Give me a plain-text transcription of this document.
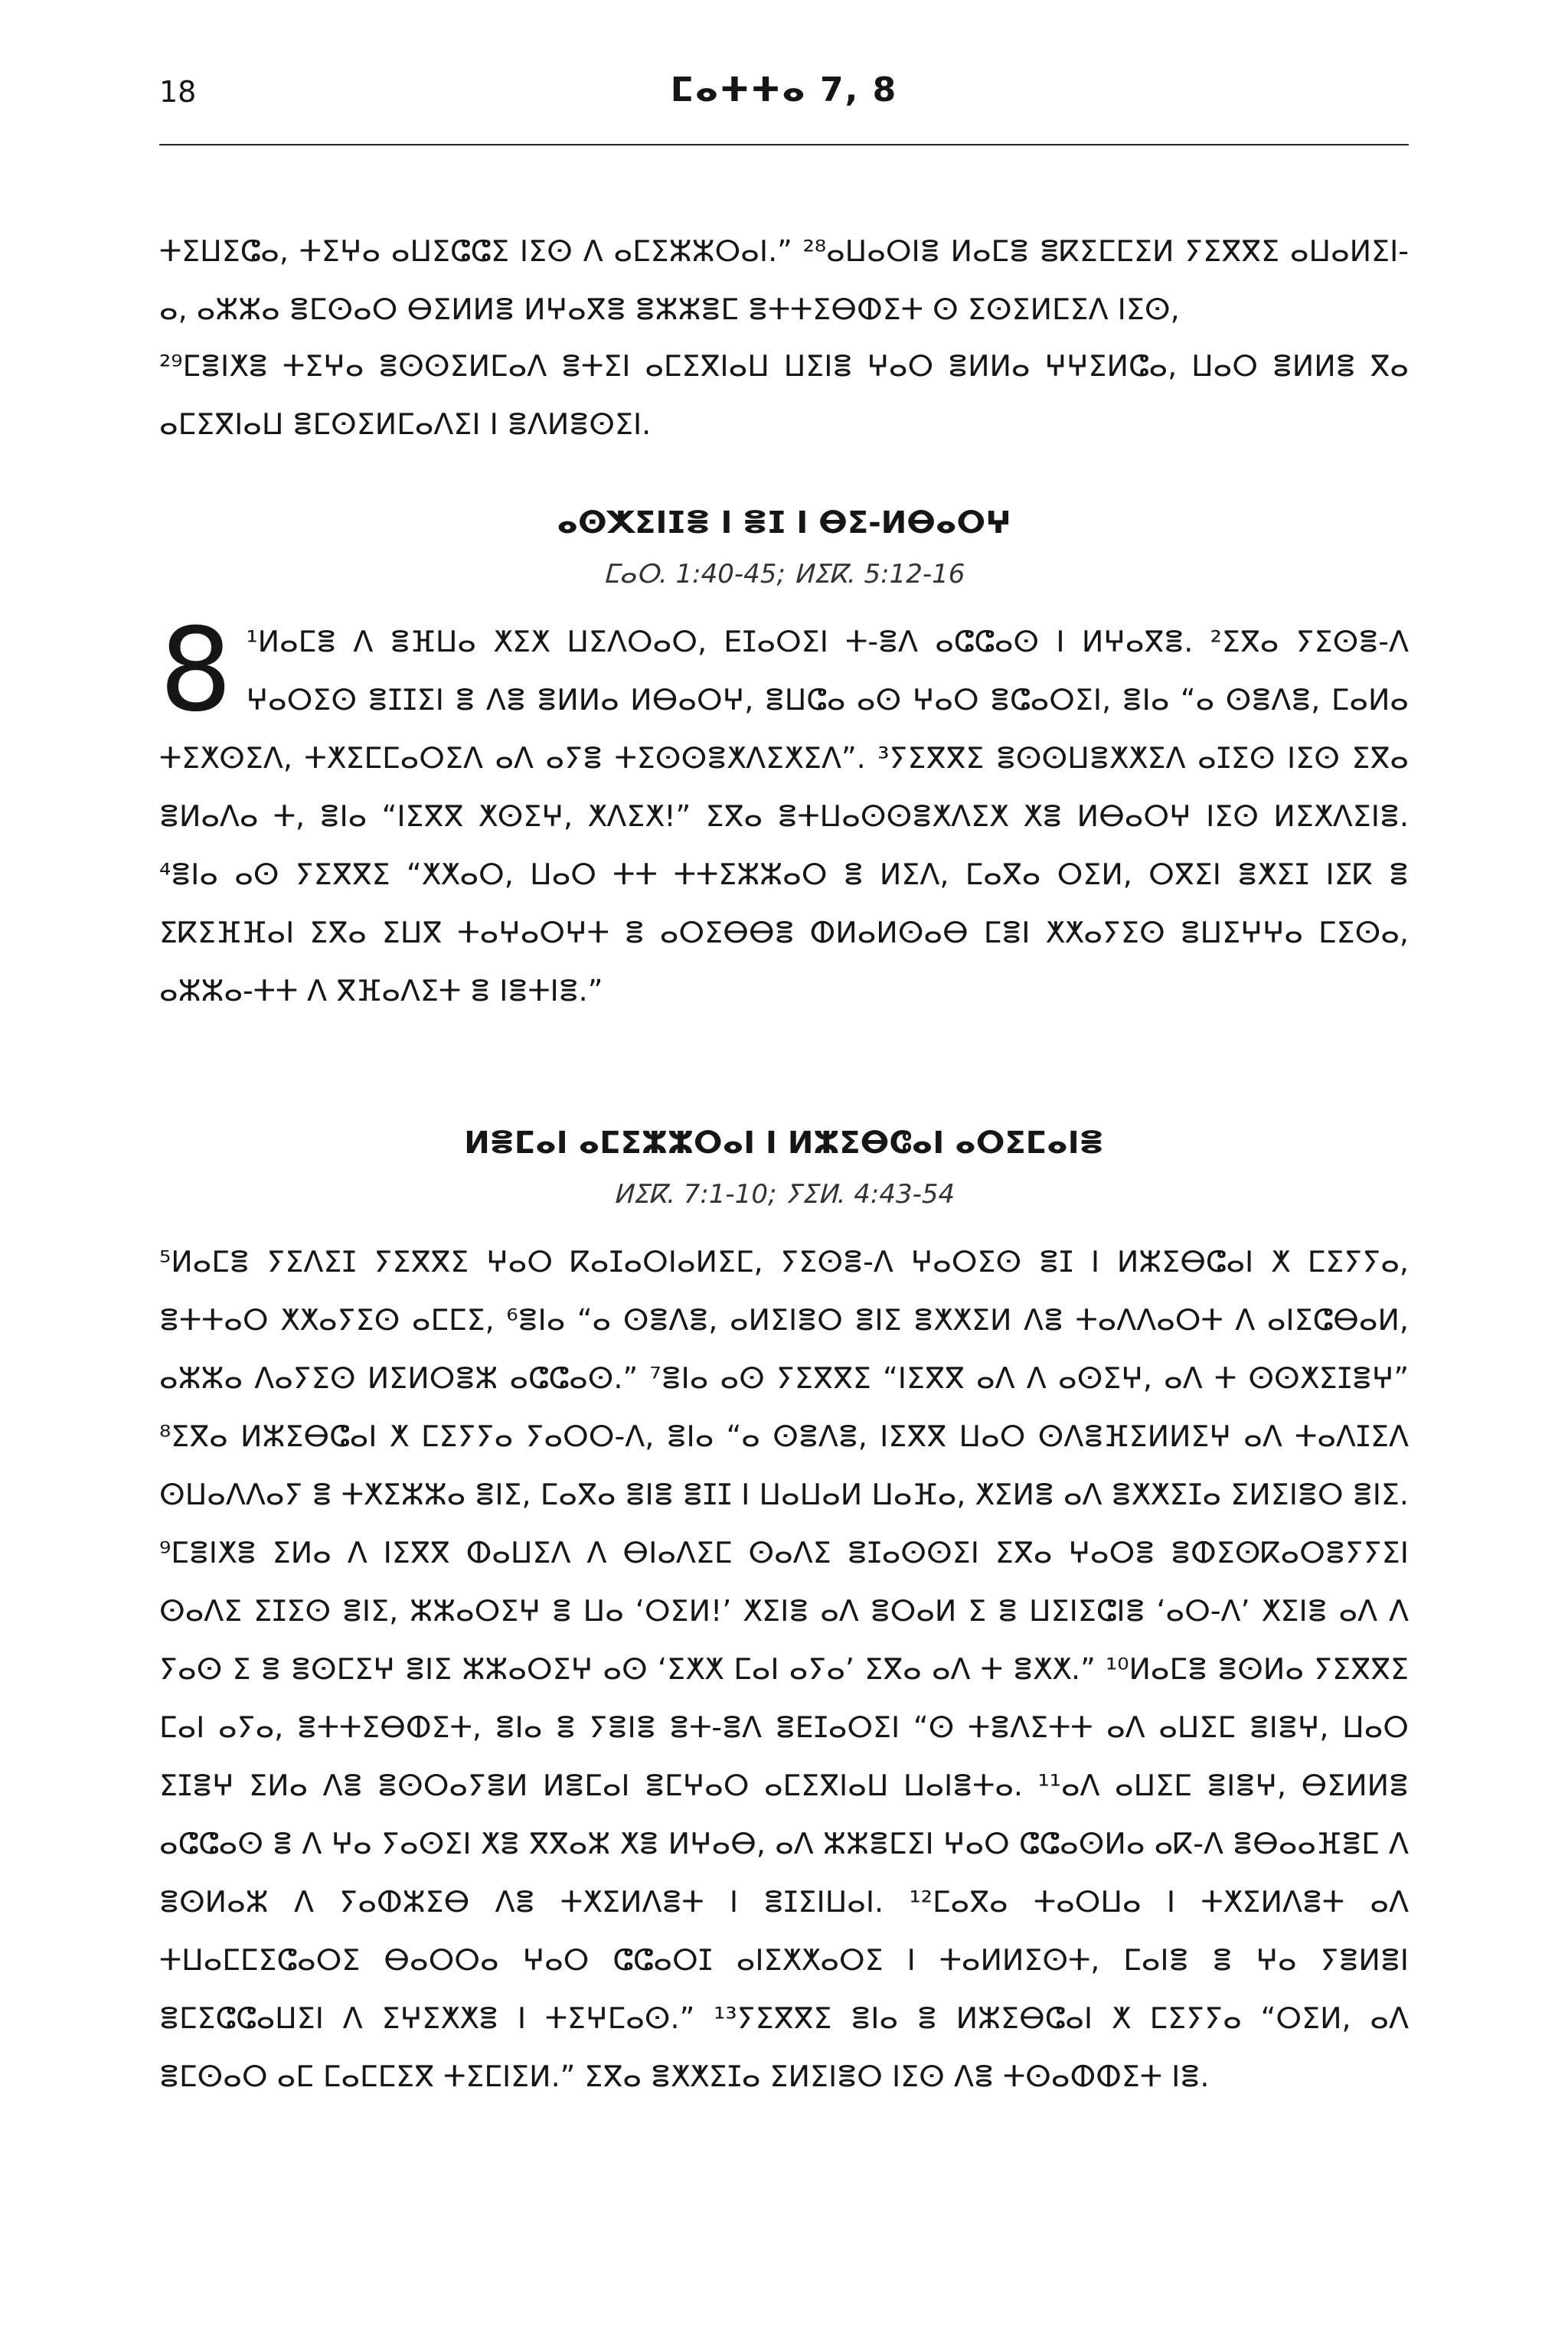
18	ⵎⴰⵜⵜⴰ 7, 8
ⵜⵉⵡⵉⵛⴰ, ⵜⵉⵖⴰ ⴰⵡⵉⵛⵛⵉ ⵏⵉⵙ ⴷ ⴰⵎⵉⵣⵣⵔⴰⵏ.” ²⁸ⴰⵡⴰⵔⵏⴻ ⵍⴰⵎⴻ ⴻⴽⵉⵎⵎⵉⵍ ⵢⵉⴳⴳⵉ ⴰⵡⴰⵍⵉⵏ-ⴰ, ⴰⵣⵣⴰ ⴻⵎⵙⴰⵔ ⴱⵉⵍⵍⴻ ⵍⵖⴰⴳⴻ ⴻⵣⵣⴻⵎ ⴻⵜⵜⵉⴱⵀⵉⵜ ⵙ ⵉⵙⵉⵍⵎⵉⴷ ⵏⵉⵙ,
²⁹ⵎⴻⵏⵅⴻ ⵜⵉⵖⴰ ⴻⵙⵙⵉⵍⵎⴰⴷ ⴻⵜⵉⵏ ⴰⵎⵉⴳⵏⴰⵡ ⵡⵉⵏⴻ ⵖⴰⵔ ⴻⵍⵍⴰ ⵖⵖⵉⵍⵛⴰ, ⵡⴰⵔ ⴻⵍⵍⴻ ⴳⴰ ⴰⵎⵉⴳⵏⴰⵡ ⴻⵎⵙⵉⵍⵎⴰⴷⵉⵏ ⵏ ⴻⴷⵍⴻⵙⵉⵏ.
ⴰⵙⵅⵉⵏⵊⴻ ⵏ ⴻⵊ ⵏ ⴱⵉ-ⵍⴱⴰⵔⵖ
ⵎⴰⵔ. 1:40-45; ⵍⵉⴽ. 5:12-16
8 ¹ⵍⴰⵎⴻ ⴷ ⴻⴼⵡⴰ ⵅⵉⵅ ⵡⵉⴷⵔⴰⵔ, ⴹⵊⴰⵔⵉⵏ ⵜ-ⴻⴷ ⴰⵛⵛⴰⵙ ⵏ ⵍⵖⴰⴳⴻ. ²ⵉⴳⴰ ⵢⵉⵙⴻ-ⴷ ⵖⴰⵔⵉⵙ ⴻⵊⵊⵉⵏ ⴻ ⴷⴻ ⴻⵍⵍⴰ ⵍⴱⴰⵔⵖ, ⴻⵡⵛⴰ ⴰⵙ ⵖⴰⵔ ⴻⵛⴰⵔⵉⵏ, ⴻⵏⴰ “ⴰ ⵙⴻⴷⴻ, ⵎⴰⵍⴰ ⵜⵉⵅⵙⵉⴷ, ⵜⵅⵉⵎⵎⴰⵔⵉⴷ ⴰⴷ ⴰⵢⴻ ⵜⵉⵙⵙⴻⵅⴷⵉⵅⵉⴷ”. ³ⵢⵉⴳⴳⵉ ⴻⵙⵙⵡⴻⵅⵅⵉⴷ ⴰⵊⵉⵙ ⵏⵉⵙ ⵉⴳⴰ ⴻⵍⴰⴷⴰ ⵜ, ⴻⵏⴰ “ⵏⵉⴳⴳ ⵅⵙⵉⵖ, ⵅⴷⵉⵅ!” ⵉⴳⴰ ⴻⵜⵡⴰⵙⵙⴻⵅⴷⵉⵅ ⵅⴻ ⵍⴱⴰⵔⵖ ⵏⵉⵙ ⵍⵉⵅⴷⵉⵏⴻ. ⁴ⴻⵏⴰ ⴰⵙ ⵢⵉⴳⴳⵉ “ⵅⵅⴰⵔ, ⵡⴰⵔ ⵜⵜ ⵜⵜⵉⵣⵣⴰⵔ ⴻ ⵍⵉⴷ, ⵎⴰⴳⴰ ⵔⵉⵍ, ⵔⴳⵉⵏ ⴻⵅⵉⵊ ⵏⵉⴽ ⴻ ⵉⴽⵉⴼⴼⴰⵏ ⵉⴳⴰ ⵉⵡⴳ ⵜⴰⵖⴰⵔⵖⵜ ⴻ ⴰⵔⵉⴱⴱⴻ ⵀⵍⴰⵍⵙⴰⴱ ⵎⴻⵏ ⵅⵅⴰⵢⵉⵙ ⴻⵡⵉⵖⵖⴰ ⵎⵉⵙⴰ, ⴰⵣⵣⴰ-ⵜⵜ ⴷ ⴳⴼⴰⴷⵉⵜ ⴻ ⵏⴻⵜⵏⴻ.”
ⵍⴻⵎⴰⵏ ⴰⵎⵉⵣⵣⵔⴰⵏ ⵏ ⵍⵣⵉⴱⵛⴰⵏ ⴰⵔⵉⵎⴰⵏⴻ
ⵍⵉⴽ. 7:1-10; ⵢⵉⵍ. 4:43-54
⁵ⵍⴰⵎⴻ ⵢⵉⴷⵉⵊ ⵢⵉⴳⴳⵉ ⵖⴰⵔ ⴽⴰⵊⴰⵔⵏⴰⵍⵉⵎ, ⵢⵉⵙⴻ-ⴷ ⵖⴰⵔⵉⵙ ⴻⵊ ⵏ ⵍⵣⵉⴱⵛⴰⵏ ⵅ ⵎⵉⵢⵢⴰ, ⴻⵜⵜⴰⵔ ⵅⵅⴰⵢⵉⵙ ⴰⵎⵎⵉ, ⁶ⴻⵏⴰ “ⴰ ⵙⴻⴷⴻ, ⴰⵍⵉⵏⴻⵔ ⴻⵏⵉ ⴻⵅⵅⵉⵍ ⴷⴻ ⵜⴰⴷⴷⴰⵔⵜ ⴷ ⴰⵏⵉⵛⴱⴰⵍ, ⴰⵣⵣⴰ ⴷⴰⵢⵉⵙ ⵍⵉⵍⵔⴻⵣ ⴰⵛⵛⴰⵙ.” ⁷ⴻⵏⴰ ⴰⵙ ⵢⵉⴳⴳⵉ “ⵏⵉⴳⴳ ⴰⴷ ⴷ ⴰⵙⵉⵖ, ⴰⴷ ⵜ ⵙⵙⵅⵉⵊⴻⵖ” ⁸ⵉⴳⴰ ⵍⵣⵉⴱⵛⴰⵏ ⵅ ⵎⵉⵢⵢⴰ ⵢⴰⵔⵔ-ⴷ, ⴻⵏⴰ “ⴰ ⵙⴻⴷⴻ, ⵏⵉⴳⴳ ⵡⴰⵔ ⵙⴷⴻⴼⵉⵍⵍⵉⵖ ⴰⴷ ⵜⴰⴷⵊⵉⴷ ⵙⵡⴰⴷⴷⴰⵢ ⴻ ⵜⵅⵉⵣⵣⴰ ⴻⵏⵉ, ⵎⴰⴳⴰ ⴻⵏⴻ ⴻⵊⵊ ⵏ ⵡⴰⵡⴰⵍ ⵡⴰⴼⴰ, ⵅⵉⵍⴻ ⴰⴷ ⴻⵅⵅⵉⵊⴰ ⵉⵍⵉⵏⴻⵔ ⴻⵏⵉ. ⁹ⵎⴻⵏⵅⴻ ⵉⵍⴰ ⴷ ⵏⵉⴳⴳ ⵀⴰⵡⵉⴷ ⴷ ⴱⵏⴰⴷⵉⵎ ⵙⴰⴷⵉ ⴻⵊⴰⵙⵙⵉⵏ ⵉⴳⴰ ⵖⴰⵔⴻ ⴻⵀⵉⵙⴽⴰⵔⴻⵢⵢⵉⵏ ⵙⴰⴷⵉ ⵉⵊⵉⵙ ⴻⵏⵉ, ⵣⵣⴰⵔⵉⵖ ⴻ ⵡⴰ ‘ⵔⵉⵍ!’ ⵅⵉⵏⴻ ⴰⴷ ⴻⵔⴰⵍ ⵉ ⴻ ⵡⵉⵏⵉⵛⵏⴻ ‘ⴰⵔ-ⴷ’ ⵅⵉⵏⴻ ⴰⴷ ⴷ ⵢⴰⵙ ⵉ ⴻ ⴻⵙⵎⵉⵖ ⴻⵏⵉ ⵣⵣⴰⵔⵉⵖ ⴰⵙ ‘ⵉⵅⵅ ⵎⴰⵏ ⴰⵢⴰ’ ⵉⴳⴰ ⴰⴷ ⵜ ⴻⵅⵅ.” ¹⁰ⵍⴰⵎⴻ ⴻⵙⵍⴰ ⵢⵉⴳⴳⵉ ⵎⴰⵏ ⴰⵢⴰ, ⴻⵜⵜⵉⴱⵀⵉⵜ, ⴻⵏⴰ ⴻ ⵢⴻⵏⴻ ⴻⵜ-ⴻⴷ ⴻⴹⵊⴰⵔⵉⵏ “ⵙ ⵜⴻⴷⵉⵜⵜ ⴰⴷ ⴰⵡⵉⵎ ⴻⵏⴻⵖ, ⵡⴰⵔ ⵉⵊⴻⵖ ⵉⵍⴰ ⴷⴻ ⴻⵙⵔⴰⵢⴻⵍ ⵍⴻⵎⴰⵏ ⴻⵎⵖⴰⵔ ⴰⵎⵉⴳⵏⴰⵡ ⵡⴰⵏⴻⵜⴰ. ¹¹ⴰⴷ ⴰⵡⵉⵎ ⴻⵏⴻⵖ, ⴱⵉⵍⵍⴻ ⴰⵛⵛⴰⵙ ⴻ ⴷ ⵖⴰ ⵢⴰⵙⵉⵏ ⵅⴻ ⴳⴳⴰⵣ ⵅⴻ ⵍⵖⴰⴱ, ⴰⴷ ⵣⵣⴻⵎⵉⵏ ⵖⴰⵔ ⵛⵛⴰⵙⵍⴰ ⴰⴽ-ⴷ ⴻⴱⴰⴰⴼⴻⵎ ⴷ ⴻⵙⵍⴰⵣ ⴷ ⵢⴰⵀⵣⵉⴱ ⴷⴻ ⵜⵅⵉⵍⴷⴻⵜ ⵏ ⴻⵊⵉⵏⵡⴰⵏ. ¹²ⵎⴰⴳⴰ ⵜⴰⵔⵡⴰ ⵏ ⵜⵅⵉⵍⴷⴻⵜ ⴰⴷ ⵜⵡⴰⵎⵎⵉⵛⴰⵔⵉ ⴱⴰⵔⵔⴰ ⵖⴰⵔ ⵛⵛⴰⵔⵊ ⴰⵏⵉⵅⵅⴰⵔⵉ ⵏ ⵜⴰⵍⵍⵉⵙⵜ, ⵎⴰⵏⴻ ⴻ ⵖⴰ ⵢⴻⵍⴻⵏ ⴻⵎⵉⵛⵛⴰⵡⵉⵏ ⴷ ⵉⵖⵉⵅⵅⴻ ⵏ ⵜⵉⵖⵎⴰⵙ.” ¹³ⵢⵉⴳⴳⵉ ⴻⵏⴰ ⴻ ⵍⵣⵉⴱⵛⴰⵏ ⵅ ⵎⵉⵢⵢⴰ “ⵔⵉⵍ, ⴰⴷ ⴻⵎⵙⴰⵔ ⴰⵎ ⵎⴰⵎⵎⵉⴳ ⵜⵉⵎⵏⵉⵍ.” ⵉⴳⴰ ⴻⵅⵅⵉⵊⴰ ⵉⵍⵉⵏⴻⵔ ⵏⵉⵙ ⴷⴻ ⵜⵙⴰⵀⵀⵉⵜ ⵏⴻ.
